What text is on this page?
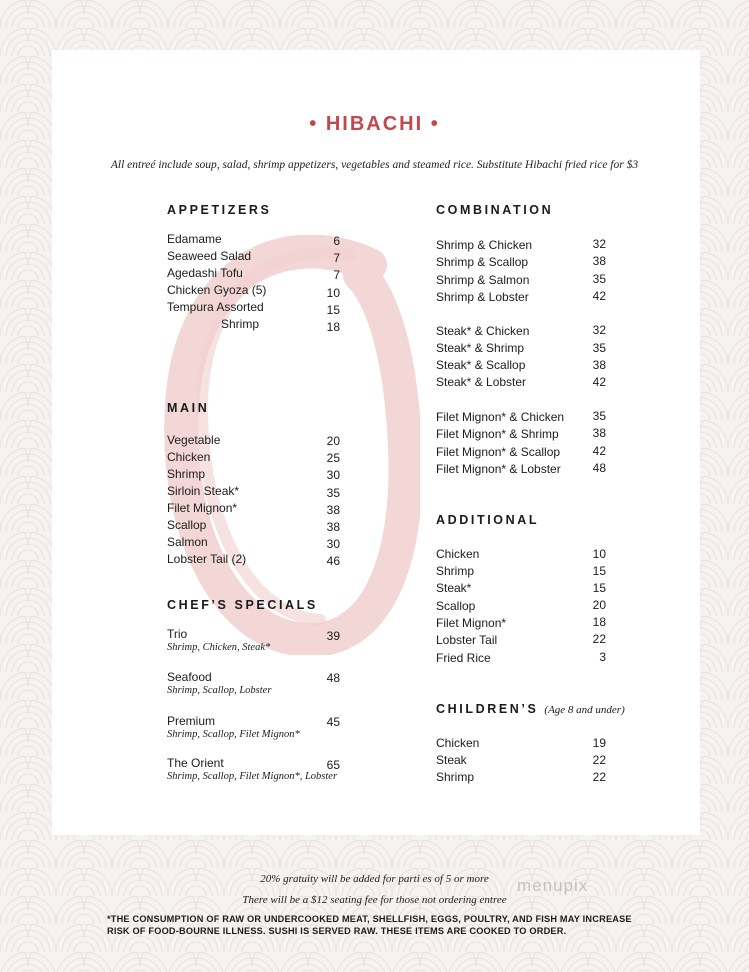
• HIBACHI •
All entreé include soup, salad, shrimp appetizers, vegetables and steamed rice. Substitute Hibachi fried rice for $3
APPETIZERS
Edamame	6
Seaweed Salad	7
Agedashi Tofu	7
Chicken Gyoza (5)	10
Tempura Assorted	15
Shrimp	18
MAIN
Vegetable	20
Chicken	25
Shrimp	30
Sirloin Steak*	35
Filet Mignon*	38
Scallop	38
Salmon	30
Lobster Tail (2)	46
CHEF’S SPECIALS
Trio	39
Shrimp, Chicken, Steak*
Seafood	48
Shrimp, Scallop, Lobster
Premium	45
Shrimp, Scallop, Filet Mignon*
The Orient	65
Shrimp, Scallop, Filet Mignon*, Lobster
COMBINATION
Shrimp & Chicken	32
Shrimp & Scallop	38
Shrimp & Salmon	35
Shrimp & Lobster	42
Steak* & Chicken	32
Steak* & Shrimp	35
Steak* & Scallop	38
Steak* & Lobster	42
Filet Mignon* & Chicken	35
Filet Mignon* & Shrimp	38
Filet Mignon* & Scallop	42
Filet Mignon* & Lobster	48
ADDITIONAL
Chicken	10
Shrimp	15
Steak*	15
Scallop	20
Filet Mignon*	18
Lobster Tail	22
Fried Rice	3
CHILDREN’S (Age 8 and under)
Chicken	19
Steak	22
Shrimp	22
20% gratuity will be added for parti es of 5 or more
There will be a $12 seating fee for those not ordering entree
*THE CONSUMPTION OF RAW OR UNDERCOOKED MEAT, SHELLFISH, EGGS, POULTRY, AND FISH MAY INCREASE RISK OF FOOD-BOURNE ILLNESS. SUSHI IS SERVED RAW. THESE ITEMS ARE COOKED TO ORDER.
menupix
